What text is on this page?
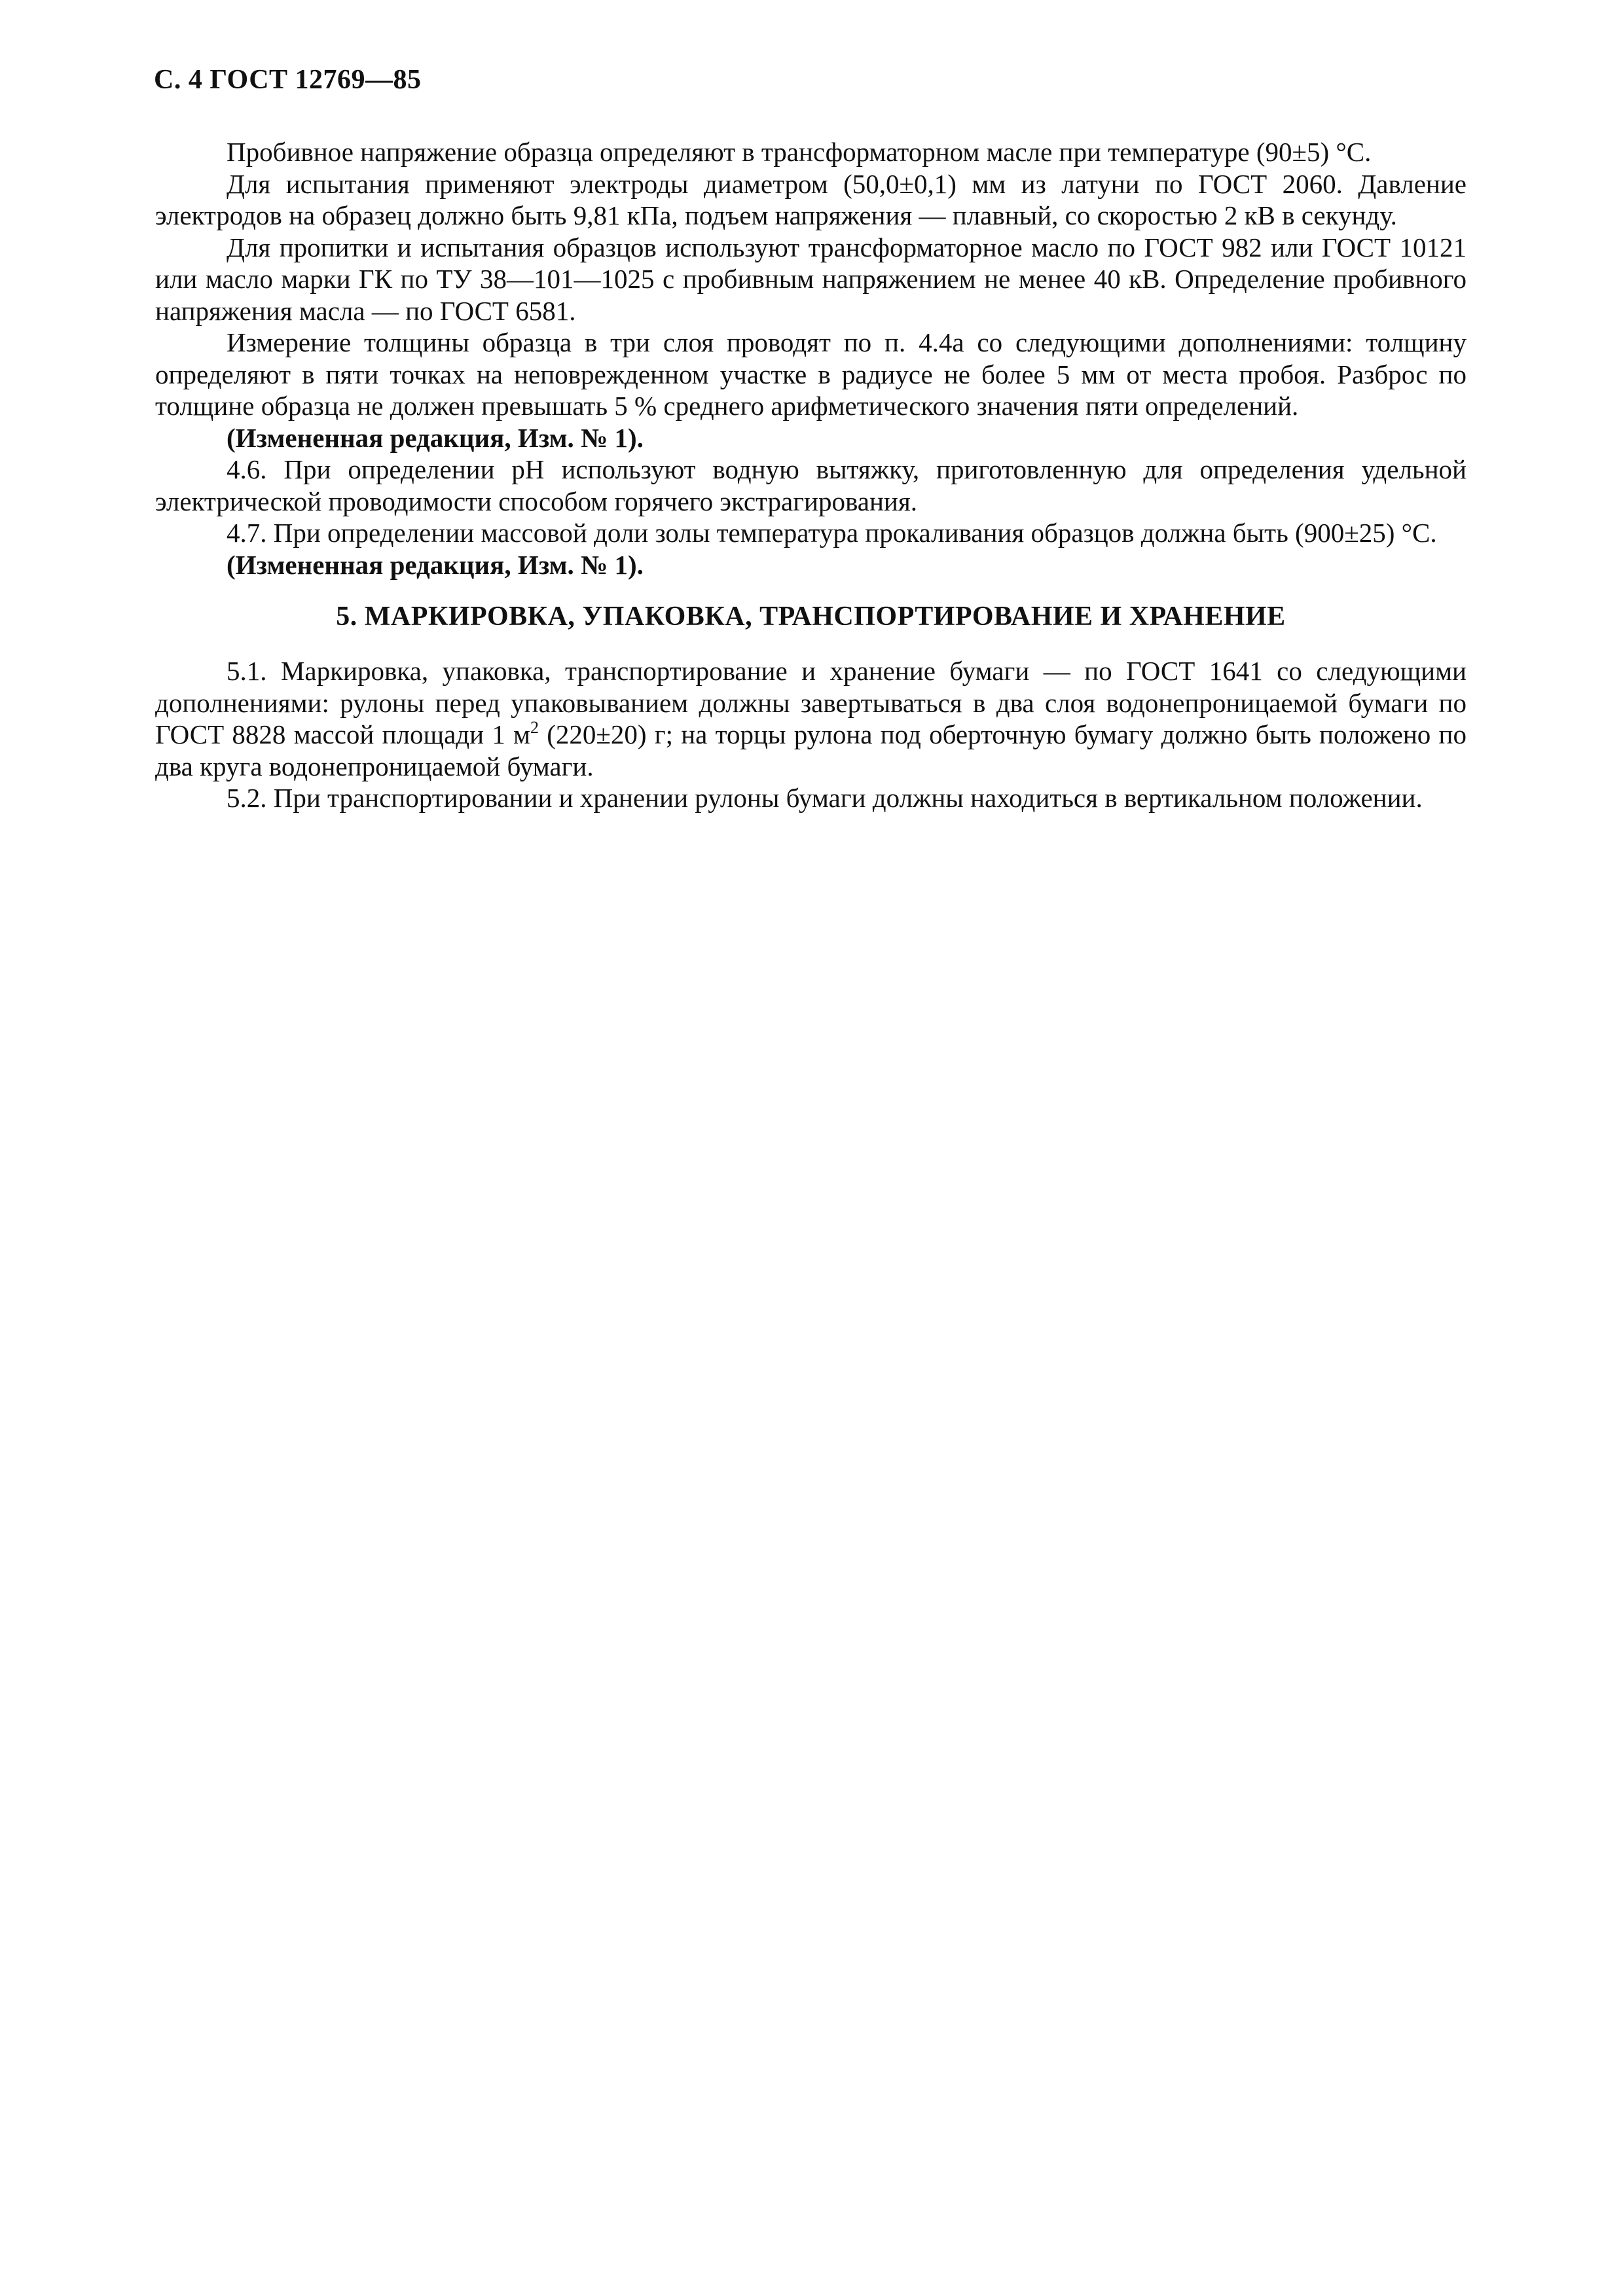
С. 4 ГОСТ 12769—85

Пробивное напряжение образца определяют в трансформаторном масле при температуре (90±5) °С.

Для испытания применяют электроды диаметром (50,0±0,1) мм из латуни по ГОСТ 2060. Давление электродов на образец должно быть 9,81 кПа, подъем напряжения — плавный, со скоростью 2 кВ в секунду.

Для пропитки и испытания образцов используют трансформаторное масло по ГОСТ 982 или ГОСТ 10121 или масло марки ГК по ТУ 38—101—1025 с пробивным напряжением не менее 40 кВ. Определение пробивного напряжения масла — по ГОСТ 6581.

Измерение толщины образца в три слоя проводят по п. 4.4а со следующими дополнениями: толщину определяют в пяти точках на неповрежденном участке в радиусе не более 5 мм от места пробоя. Разброс по толщине образца не должен превышать 5 % среднего арифметического значения пяти определений.

(Измененная редакция, Изм. № 1).

4.6. При определении pH используют водную вытяжку, приготовленную для определения удельной электрической проводимости способом горячего экстрагирования.

4.7. При определении массовой доли золы температура прокаливания образцов должна быть (900±25) °С.

(Измененная редакция, Изм. № 1).

5. МАРКИРОВКА, УПАКОВКА, ТРАНСПОРТИРОВАНИЕ И ХРАНЕНИЕ

5.1. Маркировка, упаковка, транспортирование и хранение бумаги — по ГОСТ 1641 со следующими дополнениями: рулоны перед упаковыванием должны завертываться в два слоя водонепроницаемой бумаги по ГОСТ 8828 массой площади 1 $м^2$ (220±20) г; на торцы рулона под оберточную бумагу должно быть положено по два круга водонепроницаемой бумаги.

5.2. При транспортировании и хранении рулоны бумаги должны находиться в вертикальном положении.
